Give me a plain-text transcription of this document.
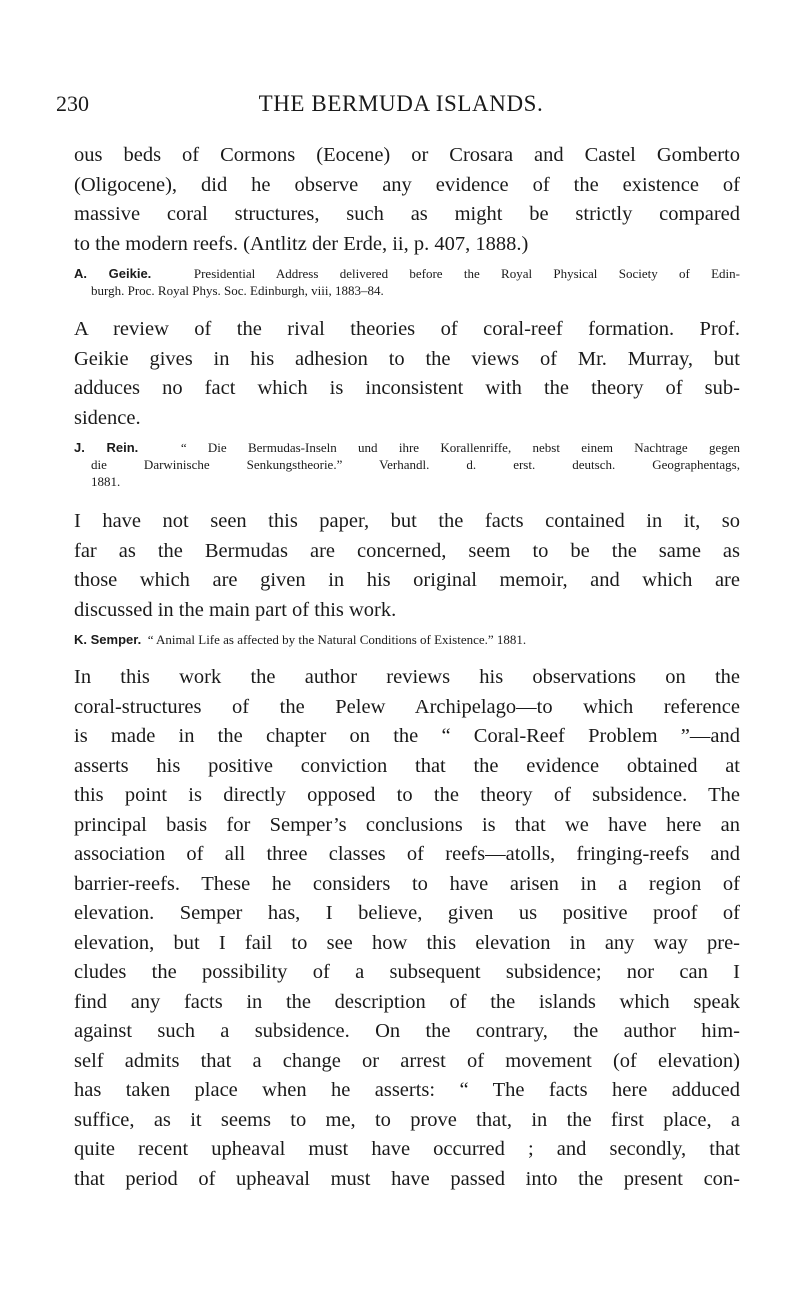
230	THE BERMUDA ISLANDS.
ous beds of Cormons (Eocene) or Crosara and Castel Gomberto
(Oligocene), did he observe any evidence of the existence of
massive coral structures, such as might be strictly compared
to the modern reefs. (Antlitz der Erde, ii, p. 407, 1888.)
A. Geikie.	Presidential Address delivered before the Royal Physical Society of Edin-
burgh. Proc. Royal Phys. Soc. Edinburgh, viii, 1883–84.
A review of the rival theories of coral-reef formation. Prof.
Geikie gives in his adhesion to the views of Mr. Murray, but
adduces no fact which is inconsistent with the theory of sub-
sidence.
J. Rein.	“ Die Bermudas-Inseln und ihre Korallenriffe, nebst einem Nachtrage gegen
die Darwinische Senkungstheorie.” Verhandl. d. erst. deutsch. Geographentags,
1881.
I have not seen this paper, but the facts contained in it, so
far as the Bermudas are concerned, seem to be the same as
those which are given in his original memoir, and which are
discussed in the main part of this work.
K. Semper. “ Animal Life as affected by the Natural Conditions of Existence.” 1881.
In this work the author reviews his observations on the
coral-structures of the Pelew Archipelago—to which reference
is made in the chapter on the “ Coral-Reef Problem ”—and
asserts his positive conviction that the evidence obtained at
this point is directly opposed to the theory of subsidence. The
principal basis for Semper’s conclusions is that we have here an
association of all three classes of reefs—atolls, fringing-reefs and
barrier-reefs. These he considers to have arisen in a region of
elevation. Semper has, I believe, given us positive proof of
elevation, but I fail to see how this elevation in any way pre-
cludes the possibility of a subsequent subsidence; nor can I
find any facts in the description of the islands which speak
against such a subsidence. On the contrary, the author him-
self admits that a change or arrest of movement (of elevation)
has taken place when he asserts: “ The facts here adduced
suffice, as it seems to me, to prove that, in the first place, a
quite recent upheaval must have occurred ; and secondly, that
that period of upheaval must have passed into the present con-
